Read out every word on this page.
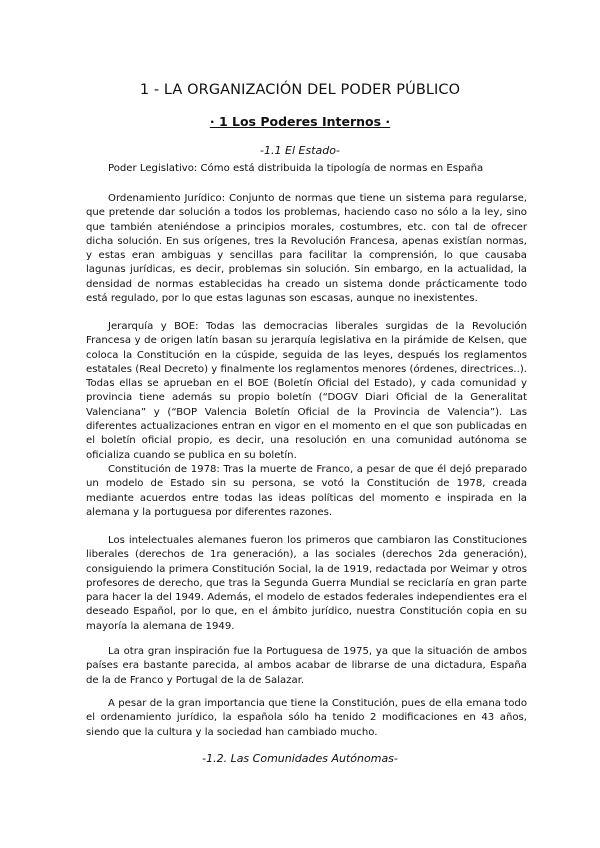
1 - LA ORGANIZACIÓN DEL PODER PÚBLICO
· 1 Los Poderes Internos ·
-1.1 El Estado-

Poder Legislativo: Cómo está distribuida la tipología de normas en España

Ordenamiento Jurídico: Conjunto de normas que tiene un sistema para regularse, que pretende dar solución a todos los problemas, haciendo caso no sólo a la ley, sino que también ateniéndose a principios morales, costumbres, etc. con tal de ofrecer dicha solución. En sus orígenes, tres la Revolución Francesa, apenas existían normas, y estas eran ambiguas y sencillas para facilitar la comprensión, lo que causaba lagunas jurídicas, es decir, problemas sin solución. Sin embargo, en la actualidad, la densidad de normas establecidas ha creado un sistema donde prácticamente todo está regulado, por lo que estas lagunas son escasas, aunque no inexistentes.

Jerarquía y BOE: Todas las democracias liberales surgidas de la Revolución Francesa y de origen latín basan su jerarquía legislativa en la pirámide de Kelsen, que coloca la Constitución en la cúspide, seguida de las leyes, después los reglamentos estatales (Real Decreto) y finalmente los reglamentos menores (órdenes, directrices..). Todas ellas se aprueban en el BOE (Boletín Oficial del Estado), y cada comunidad y provincia tiene además su propio boletín (“DOGV Diari Oficial de la Generalitat Valenciana” y (“BOP Valencia Boletín Oficial de la Provincia de Valencia”). Las diferentes actualizaciones entran en vigor en el momento en el que son publicadas en el boletín oficial propio, es decir, una resolución en una comunidad autónoma se oficializa cuando se publica en su boletín.

Constitución de 1978: Tras la muerte de Franco, a pesar de que él dejó preparado un modelo de Estado sin su persona, se votó la Constitución de 1978, creada mediante acuerdos entre todas las ideas políticas del momento e inspirada en la alemana y la portuguesa por diferentes razones.

Los intelectuales alemanes fueron los primeros que cambiaron las Constituciones liberales (derechos de 1ra generación), a las sociales (derechos 2da generación), consiguiendo la primera Constitución Social, la de 1919, redactada por Weimar y otros profesores de derecho, que tras la Segunda Guerra Mundial se recicl​aría en gran parte para hacer la del 1949. Además, el modelo de estados federales independientes era el deseado Español, por lo que, en el ámbito jurídico, nuestra Constitución copia en su mayoría la alemana de 1949.

La otra gran inspiración fue la Portuguesa de 1975, ya que la situación de ambos países era bastante parecida, al ambos acabar de librarse de una dictadura, España de la de Franco y Portugal de la de Salazar.

A pesar de la gran importancia que tiene la Constitución, pues de ella emana todo el ordenamiento jurídico, la española sólo ha tenido 2 modificaciones en 43 años, siendo que la cultura y la sociedad han cambiado mucho.

-1.2. Las Comunidades Autónomas-
